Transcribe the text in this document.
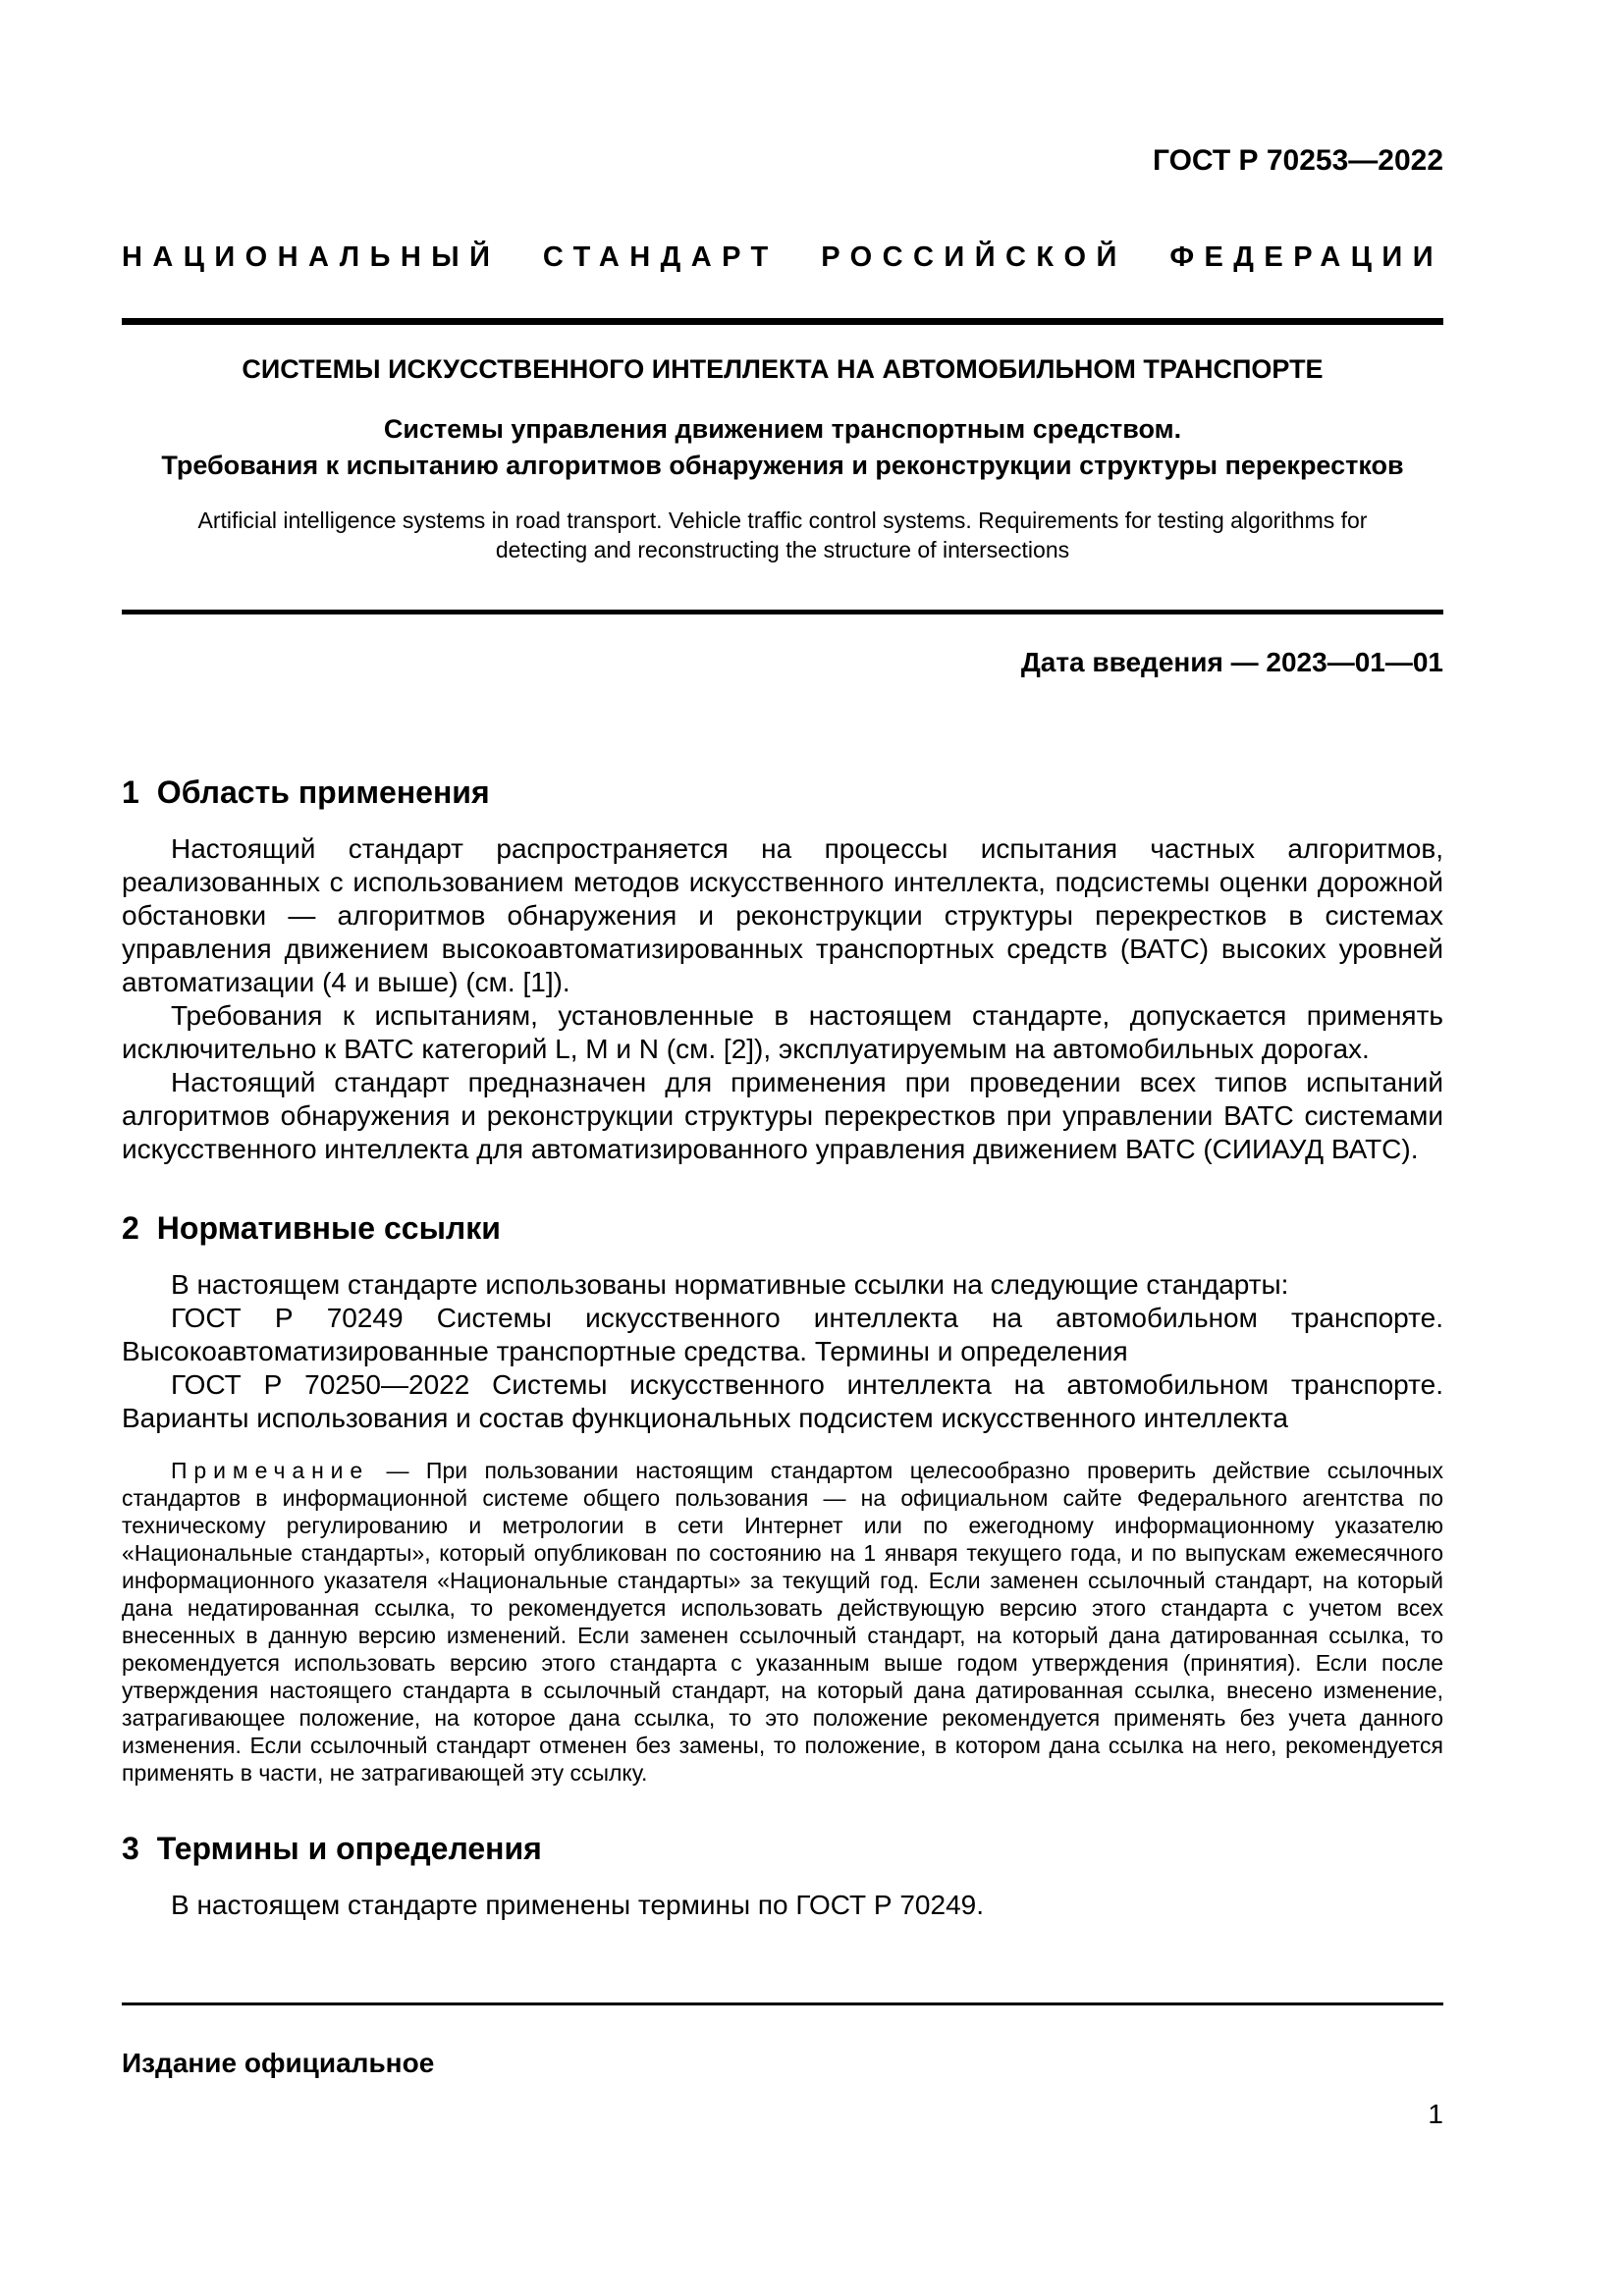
ГОСТ Р 70253—2022
НАЦИОНАЛЬНЫЙ СТАНДАРТ РОССИЙСКОЙ ФЕДЕРАЦИИ
СИСТЕМЫ ИСКУССТВЕННОГО ИНТЕЛЛЕКТА НА АВТОМОБИЛЬНОМ ТРАНСПОРТЕ
Системы управления движением транспортным средством.
Требования к испытанию алгоритмов обнаружения и реконструкции структуры перекрестков
Artificial intelligence systems in road transport. Vehicle traffic control systems. Requirements for testing algorithms for detecting and reconstructing the structure of intersections
Дата введения — 2023—01—01
1 Область применения

Настоящий стандарт распространяется на процессы испытания частных алгоритмов, реализованных с использованием методов искусственного интеллекта, подсистемы оценки дорожной обстановки — алгоритмов обнаружения и реконструкции структуры перекрестков в системах управления движением высокоавтоматизированных транспортных средств (ВАТС) высоких уровней автоматизации (4 и выше) (см. [1]).

Требования к испытаниям, установленные в настоящем стандарте, допускается применять исключительно к ВАТС категорий L, M и N (см. [2]), эксплуатируемым на автомобильных дорогах.

Настоящий стандарт предназначен для применения при проведении всех типов испытаний алгоритмов обнаружения и реконструкции структуры перекрестков при управлении ВАТС системами искусственного интеллекта для автоматизированного управления движением ВАТС (СИИАУД ВАТС).

2 Нормативные ссылки

В настоящем стандарте использованы нормативные ссылки на следующие стандарты:

ГОСТ Р 70249 Системы искусственного интеллекта на автомобильном транспорте. Высокоавтоматизированные транспортные средства. Термины и определения

ГОСТ Р 70250—2022 Системы искусственного интеллекта на автомобильном транспорте. Варианты использования и состав функциональных подсистем искусственного интеллекта

Примечание — При пользовании настоящим стандартом целесообразно проверить действие ссылочных стандартов в информационной системе общего пользования — на официальном сайте Федерального агентства по техническому регулированию и метрологии в сети Интернет или по ежегодному информационному указателю «Национальные стандарты», который опубликован по состоянию на 1 января текущего года, и по выпускам ежемесячного информационного указателя «Национальные стандарты» за текущий год. Если заменен ссылочный стандарт, на который дана недатированная ссылка, то рекомендуется использовать действующую версию этого стандарта с учетом всех внесенных в данную версию изменений. Если заменен ссылочный стандарт, на который дана датированная ссылка, то рекомендуется использовать версию этого стандарта с указанным выше годом утверждения (принятия). Если после утверждения настоящего стандарта в ссылочный стандарт, на который дана датированная ссылка, внесено изменение, затрагивающее положение, на которое дана ссылка, то это положение рекомендуется применять без учета данного изменения. Если ссылочный стандарт отменен без замены, то положение, в котором дана ссылка на него, рекомендуется применять в части, не затрагивающей эту ссылку.

3 Термины и определения

В настоящем стандарте применены термины по ГОСТ Р 70249.

Издание официальное
1
